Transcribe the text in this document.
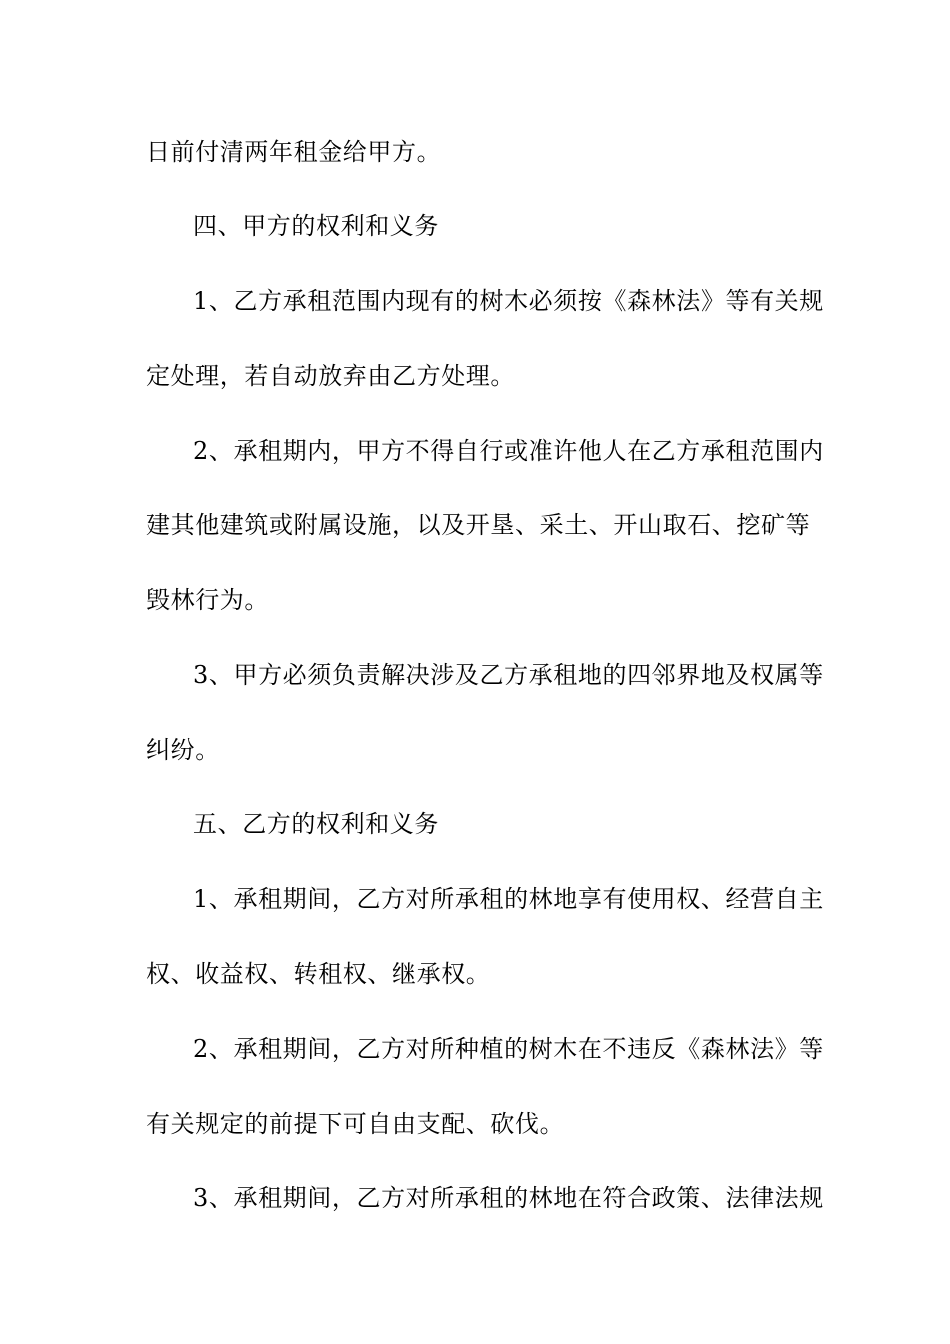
日前付清两年租金给甲方。
四、甲方的权利和义务
1、乙方承租范围内现有的树木必须按《森林法》等有关规
定处理，若自动放弃由乙方处理。
2、承租期内，甲方不得自行或准许他人在乙方承租范围内
建其他建筑或附属设施，以及开垦、采土、开山取石、挖矿等
毁林行为。
3、甲方必须负责解决涉及乙方承租地的四邻界地及权属等
纠纷。
五、乙方的权利和义务
1、承租期间，乙方对所承租的林地享有使用权、经营自主
权、收益权、转租权、继承权。
2、承租期间，乙方对所种植的树木在不违反《森林法》等
有关规定的前提下可自由支配、砍伐。
3、承租期间，乙方对所承租的林地在符合政策、法律法规
